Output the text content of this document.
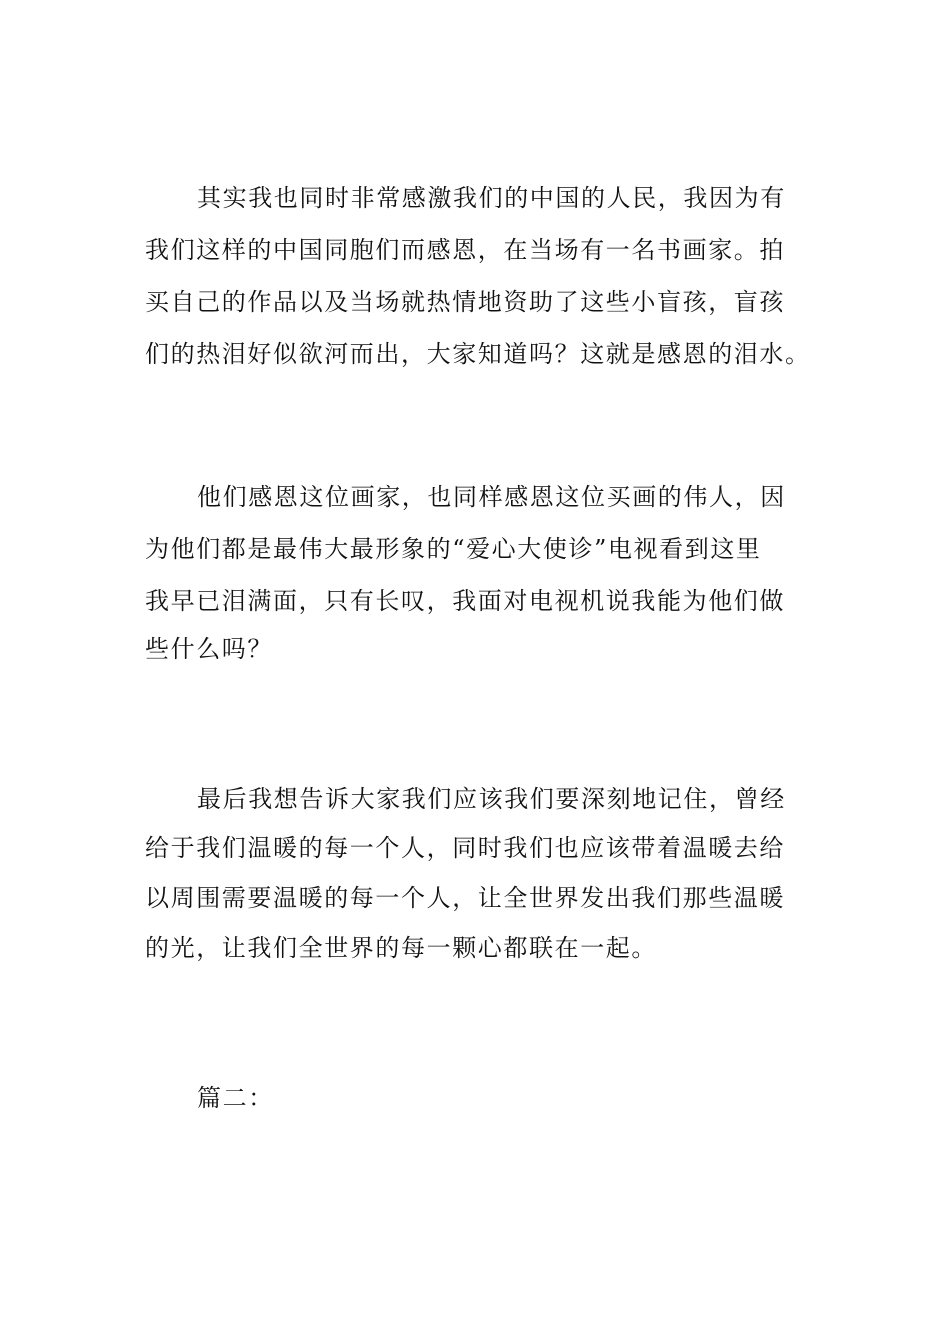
其实我也同时非常感激我们的中国的人民，我因为有
我们这样的中国同胞们而感恩，在当场有一名书画家。拍
买自己的作品以及当场就热情地资助了这些小盲孩，盲孩
们的热泪好似欲河而出，大家知道吗？这就是感恩的泪水。
他们感恩这位画家，也同样感恩这位买画的伟人，因
为他们都是最伟大最形象的“爱心大使诊”电视看到这里
我早已泪满面，只有长叹，我面对电视机说我能为他们做
些什么吗？
最后我想告诉大家我们应该我们要深刻地记住，曾经
给于我们温暖的每一个人，同时我们也应该带着温暖去给
以周围需要温暖的每一个人，让全世界发出我们那些温暖
的光，让我们全世界的每一颗心都联在一起。
篇二：
